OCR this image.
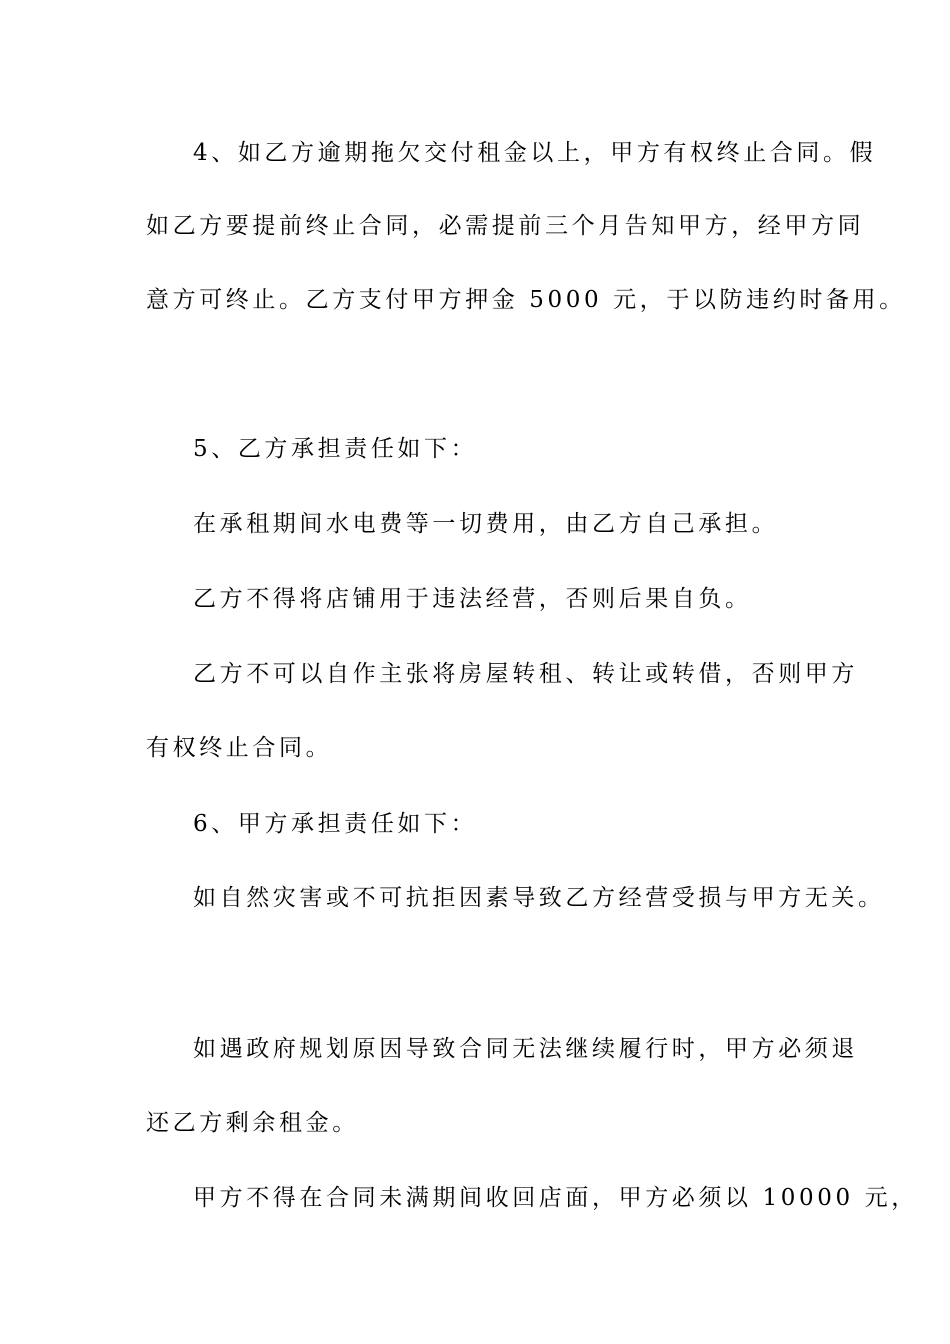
4、如乙方逾期拖欠交付租金以上，甲方有权终止合同。假
如乙方要提前终止合同，必需提前三个月告知甲方，经甲方同
意方可终止。乙方支付甲方押金 5000 元，于以防违约时备用。
5、乙方承担责任如下：
在承租期间水电费等一切费用，由乙方自己承担。
乙方不得将店铺用于违法经营，否则后果自负。
乙方不可以自作主张将房屋转租、转让或转借，否则甲方
有权终止合同。
6、甲方承担责任如下：
如自然灾害或不可抗拒因素导致乙方经营受损与甲方无关。
如遇政府规划原因导致合同无法继续履行时，甲方必须退
还乙方剩余租金。
甲方不得在合同未满期间收回店面，甲方必须以 10000 元，
